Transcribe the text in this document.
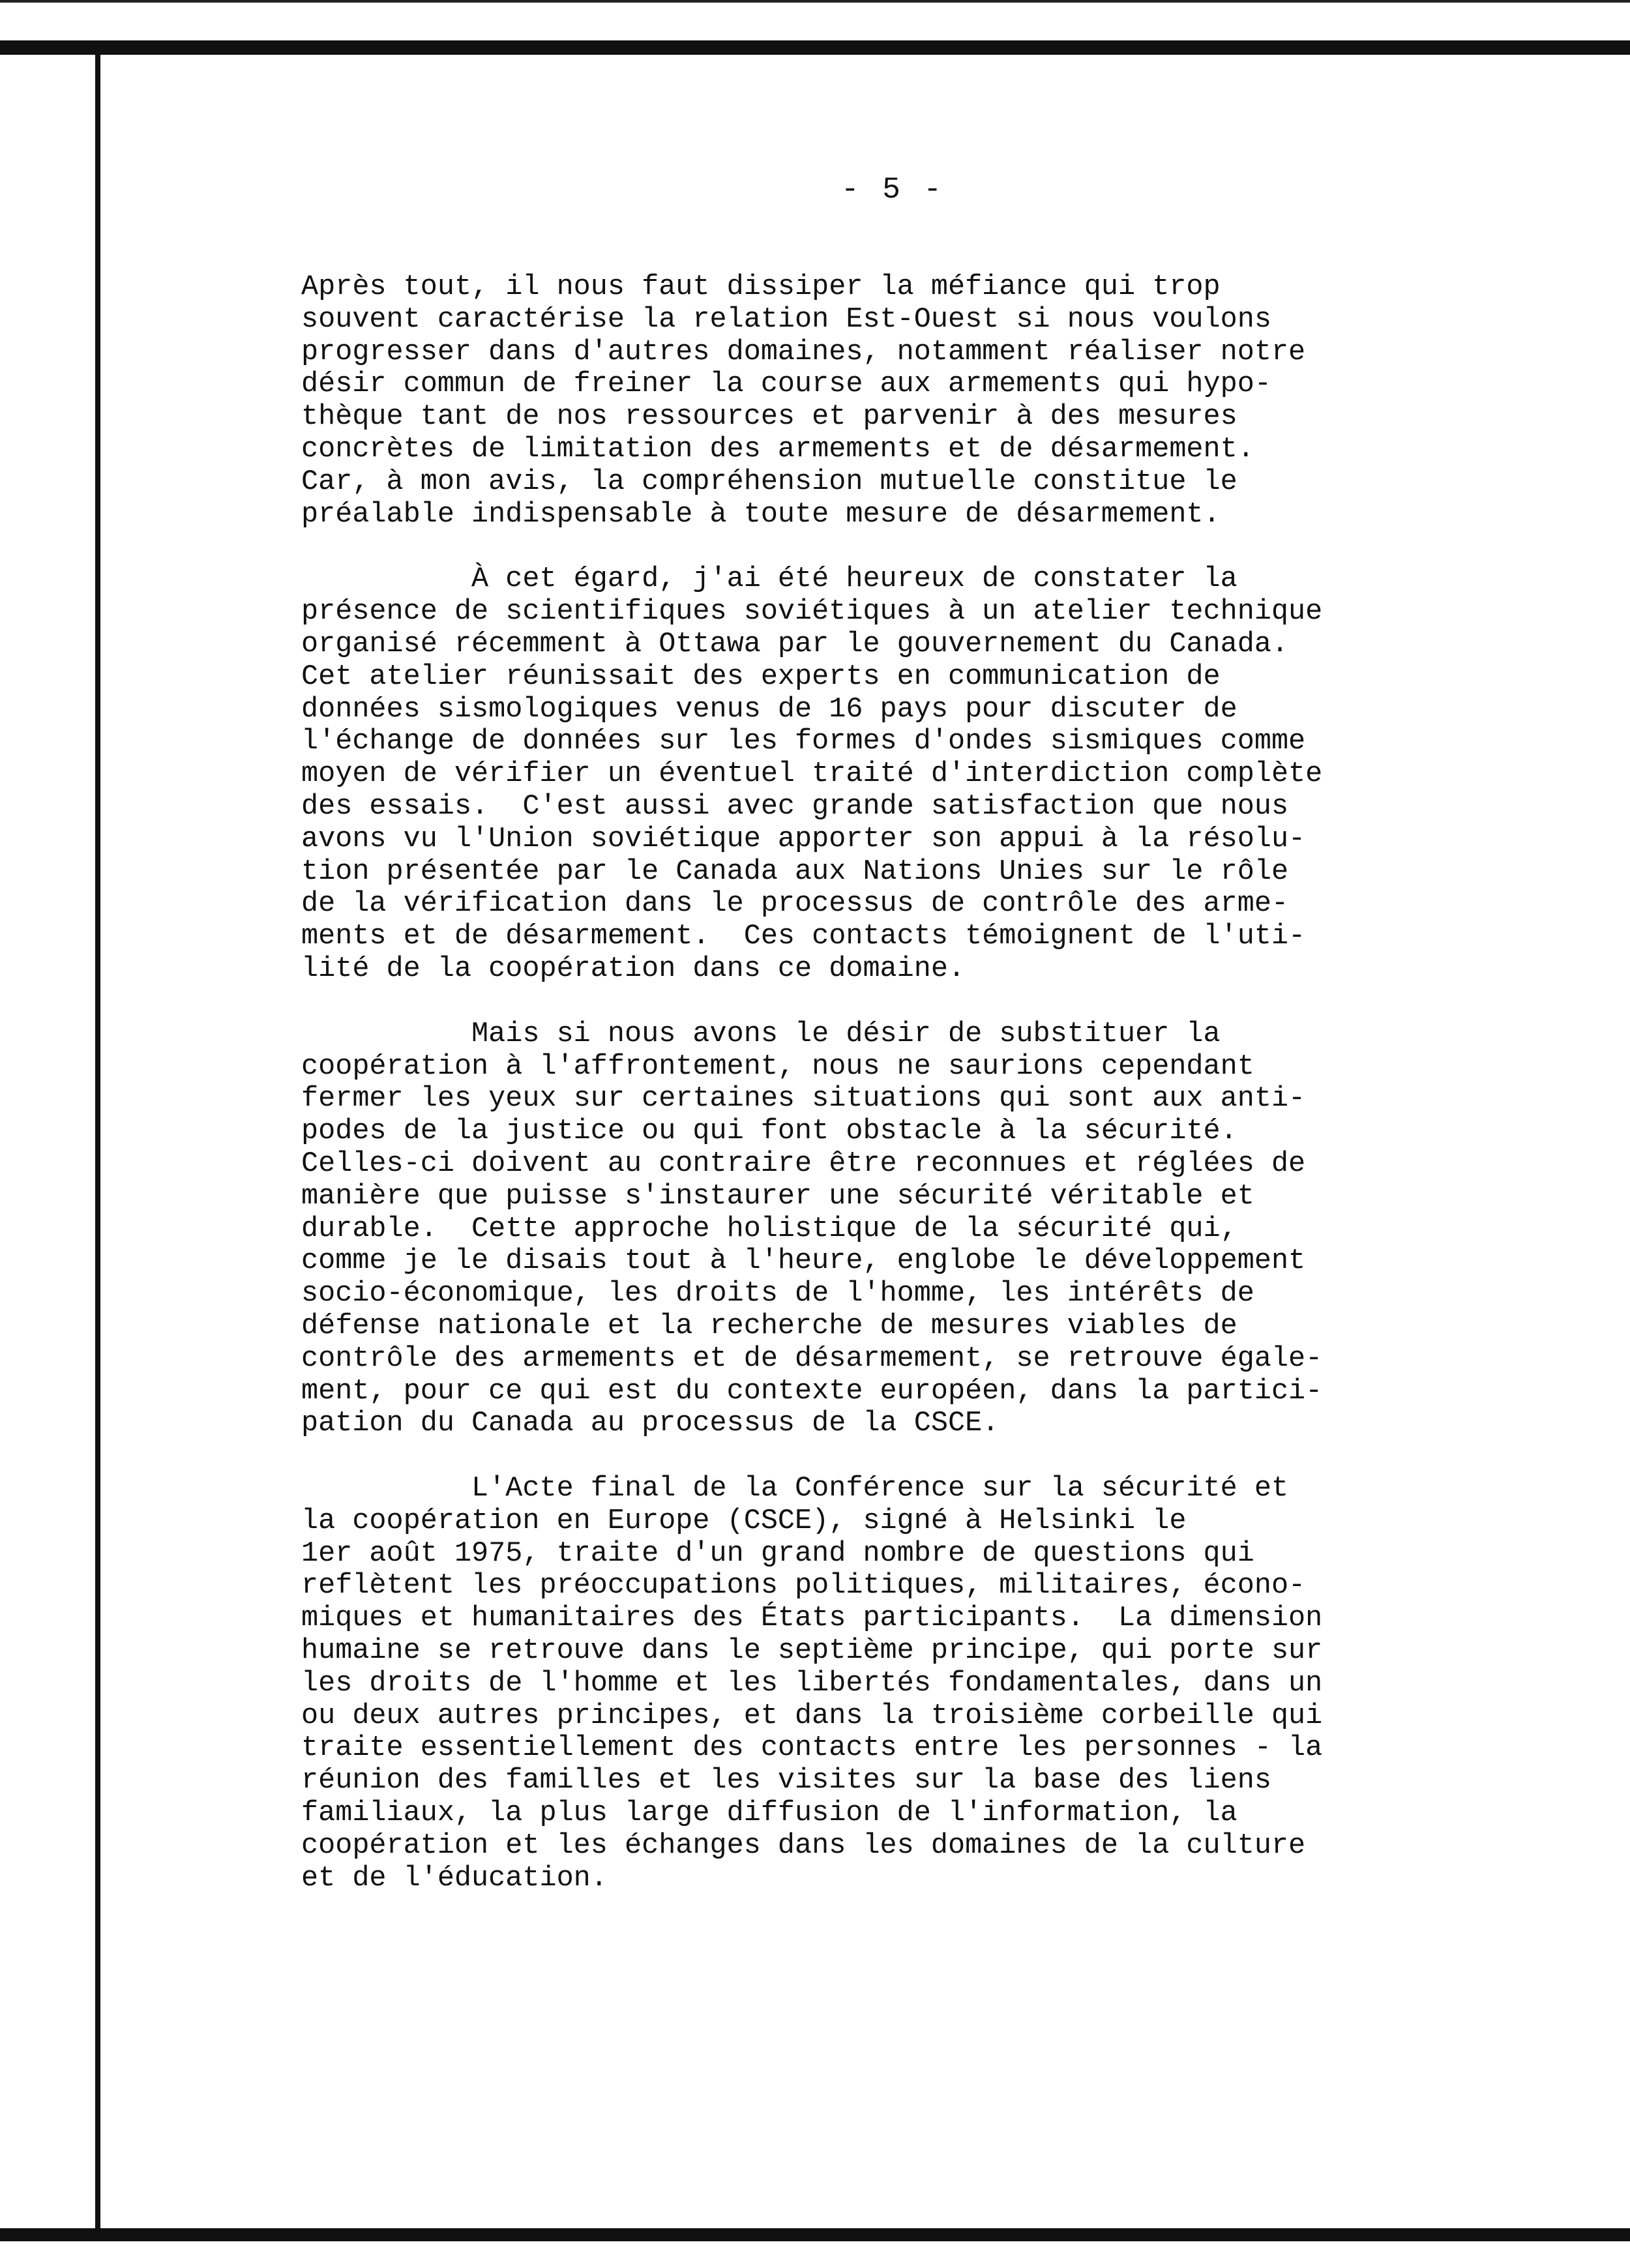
- 5 -
Après tout, il nous faut dissiper la méfiance qui trop
souvent caractérise la relation Est-Ouest si nous voulons
progresser dans d'autres domaines, notamment réaliser notre
désir commun de freiner la course aux armements qui hypo-
thèque tant de nos ressources et parvenir à des mesures
concrètes de limitation des armements et de désarmement.
Car, à mon avis, la compréhension mutuelle constitue le
préalable indispensable à toute mesure de désarmement.
À cet égard, j'ai été heureux de constater la
présence de scientifiques soviétiques à un atelier technique
organisé récemment à Ottawa par le gouvernement du Canada.
Cet atelier réunissait des experts en communication de
données sismologiques venus de 16 pays pour discuter de
l'échange de données sur les formes d'ondes sismiques comme
moyen de vérifier un éventuel traité d'interdiction complète
des essais.  C'est aussi avec grande satisfaction que nous
avons vu l'Union soviétique apporter son appui à la résolu-
tion présentée par le Canada aux Nations Unies sur le rôle
de la vérification dans le processus de contrôle des arme-
ments et de désarmement.  Ces contacts témoignent de l'uti-
lité de la coopération dans ce domaine.
Mais si nous avons le désir de substituer la
coopération à l'affrontement, nous ne saurions cependant
fermer les yeux sur certaines situations qui sont aux anti-
podes de la justice ou qui font obstacle à la sécurité.
Celles-ci doivent au contraire être reconnues et réglées de
manière que puisse s'instaurer une sécurité véritable et
durable.  Cette approche holistique de la sécurité qui,
comme je le disais tout à l'heure, englobe le développement
socio-économique, les droits de l'homme, les intérêts de
défense nationale et la recherche de mesures viables de
contrôle des armements et de désarmement, se retrouve égale-
ment, pour ce qui est du contexte européen, dans la partici-
pation du Canada au processus de la CSCE.
L'Acte final de la Conférence sur la sécurité et
la coopération en Europe (CSCE), signé à Helsinki le
1er août 1975, traite d'un grand nombre de questions qui
reflètent les préoccupations politiques, militaires, écono-
miques et humanitaires des États participants.  La dimension
humaine se retrouve dans le septième principe, qui porte sur
les droits de l'homme et les libertés fondamentales, dans un
ou deux autres principes, et dans la troisième corbeille qui
traite essentiellement des contacts entre les personnes - la
réunion des familles et les visites sur la base des liens
familiaux, la plus large diffusion de l'information, la
coopération et les échanges dans les domaines de la culture
et de l'éducation.
